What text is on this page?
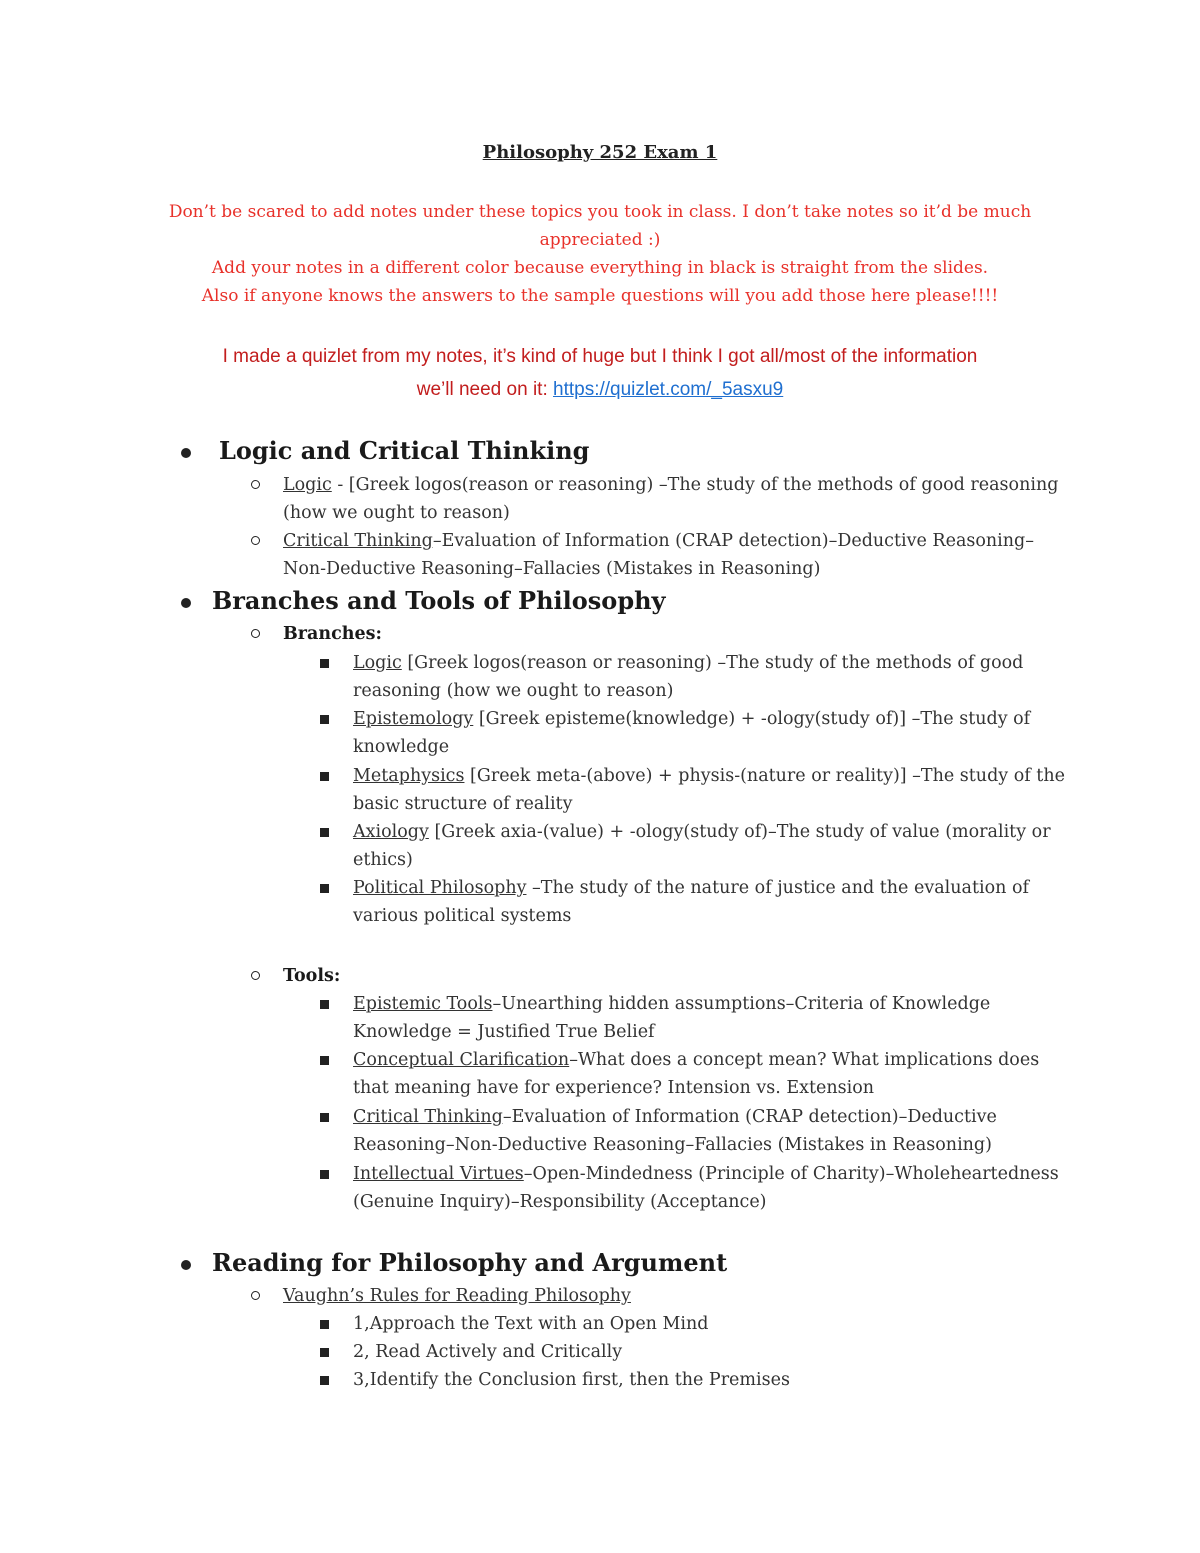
Philosophy 252 Exam 1

Don’t be scared to add notes under these topics you took in class. I don’t take notes so it’d be much

appreciated :)

Add your notes in a different color because everything in black is straight from the slides.

Also if anyone knows the answers to the sample questions will you add those here please!!!!

I made a quizlet from my notes, it’s kind of huge but I think I got all/most of the information
we’ll need on it: https://quizlet.com/_5asxu9
Logic and Critical Thinking
Logic - [Greek logos(reason or reasoning) –The study of the methods of good reasoning
(how we ought to reason)
Critical Thinking–Evaluation of Information (CRAP detection)–Deductive Reasoning–
Non-Deductive Reasoning–Fallacies (Mistakes in Reasoning)
Branches and Tools of Philosophy
Branches:
Logic [Greek logos(reason or reasoning) –The study of the methods of good
reasoning (how we ought to reason)
Epistemology [Greek episteme(knowledge) + -ology(study of)] –The study of
knowledge
Metaphysics [Greek meta-(above) + physis-(nature or reality)] –The study of the
basic structure of reality
Axiology [Greek axia-(value) + -ology(study of)–The study of value (morality or
ethics)
Political Philosophy –The study of the nature of justice and the evaluation of
various political systems
Tools:
Epistemic Tools–Unearthing hidden assumptions–Criteria of Knowledge
Knowledge = Justified True Belief
Conceptual Clarification–What does a concept mean? What implications does
that meaning have for experience? Intension vs. Extension
Critical Thinking–Evaluation of Information (CRAP detection)–Deductive
Reasoning–Non-Deductive Reasoning–Fallacies (Mistakes in Reasoning)
Intellectual Virtues–Open-Mindedness (Principle of Charity)–Wholeheartedness
(Genuine Inquiry)–Responsibility (Acceptance)
Reading for Philosophy and Argument
Vaughn’s Rules for Reading Philosophy
1,Approach the Text with an Open Mind
2, Read Actively and Critically
3,Identify the Conclusion first, then the Premises
